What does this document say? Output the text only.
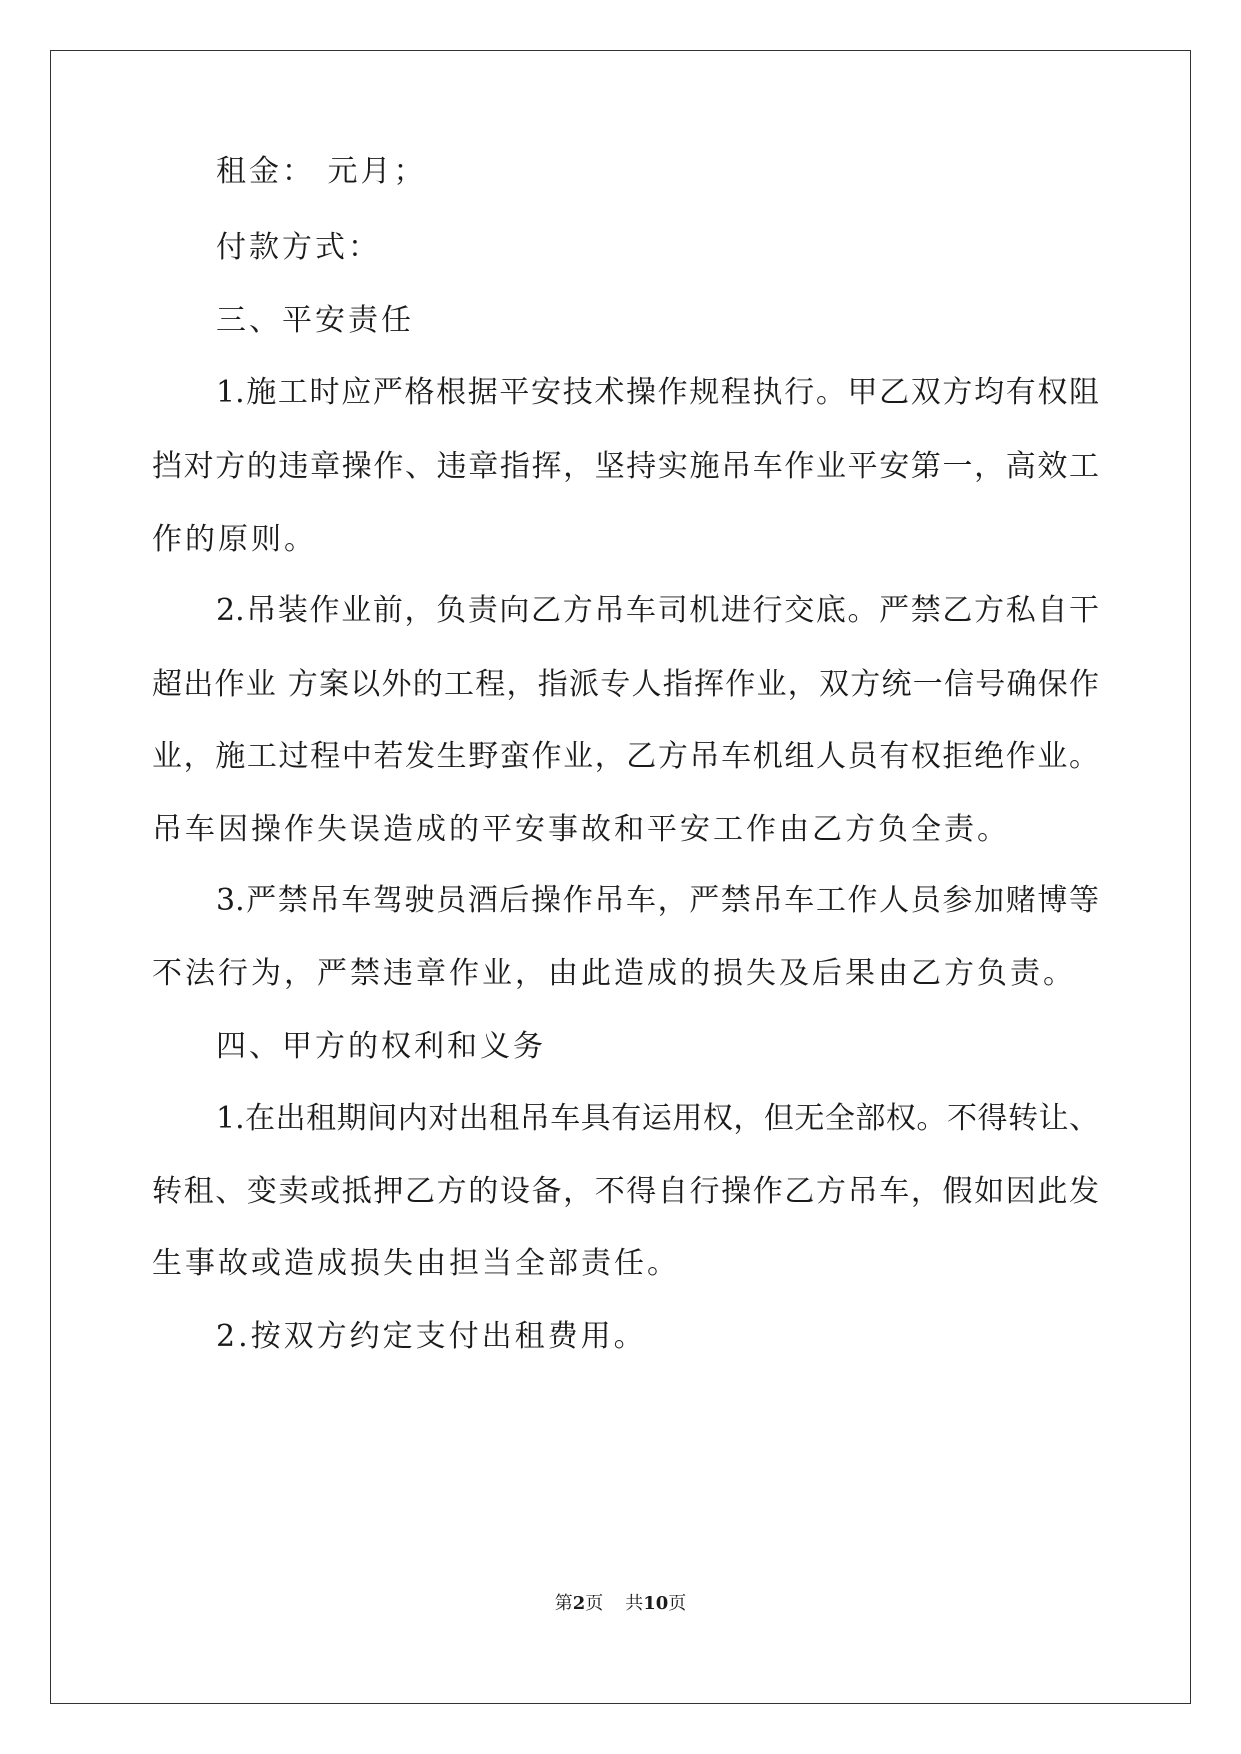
租金： 元月；
付款方式：
三、平安责任
1.施工时应严格根据平安技术操作规程执行。甲乙双方均有权阻
挡对方的违章操作、违章指挥，坚持实施吊车作业平安第一，高效工
作的原则。
2.吊装作业前，负责向乙方吊车司机进行交底。严禁乙方私自干
超出作业 方案以外的工程，指派专人指挥作业，双方统一信号确保作
业，施工过程中若发生野蛮作业，乙方吊车机组人员有权拒绝作业。
吊车因操作失误造成的平安事故和平安工作由乙方负全责。
3.严禁吊车驾驶员酒后操作吊车，严禁吊车工作人员参加赌博等
不法行为，严禁违章作业，由此造成的损失及后果由乙方负责。
四、甲方的权利和义务
1.在出租期间内对出租吊车具有运用权，但无全部权。不得转让、
转租、变卖或抵押乙方的设备，不得自行操作乙方吊车，假如因此发
生事故或造成损失由担当全部责任。
2.按双方约定支付出租费用。
第2页 共10页
